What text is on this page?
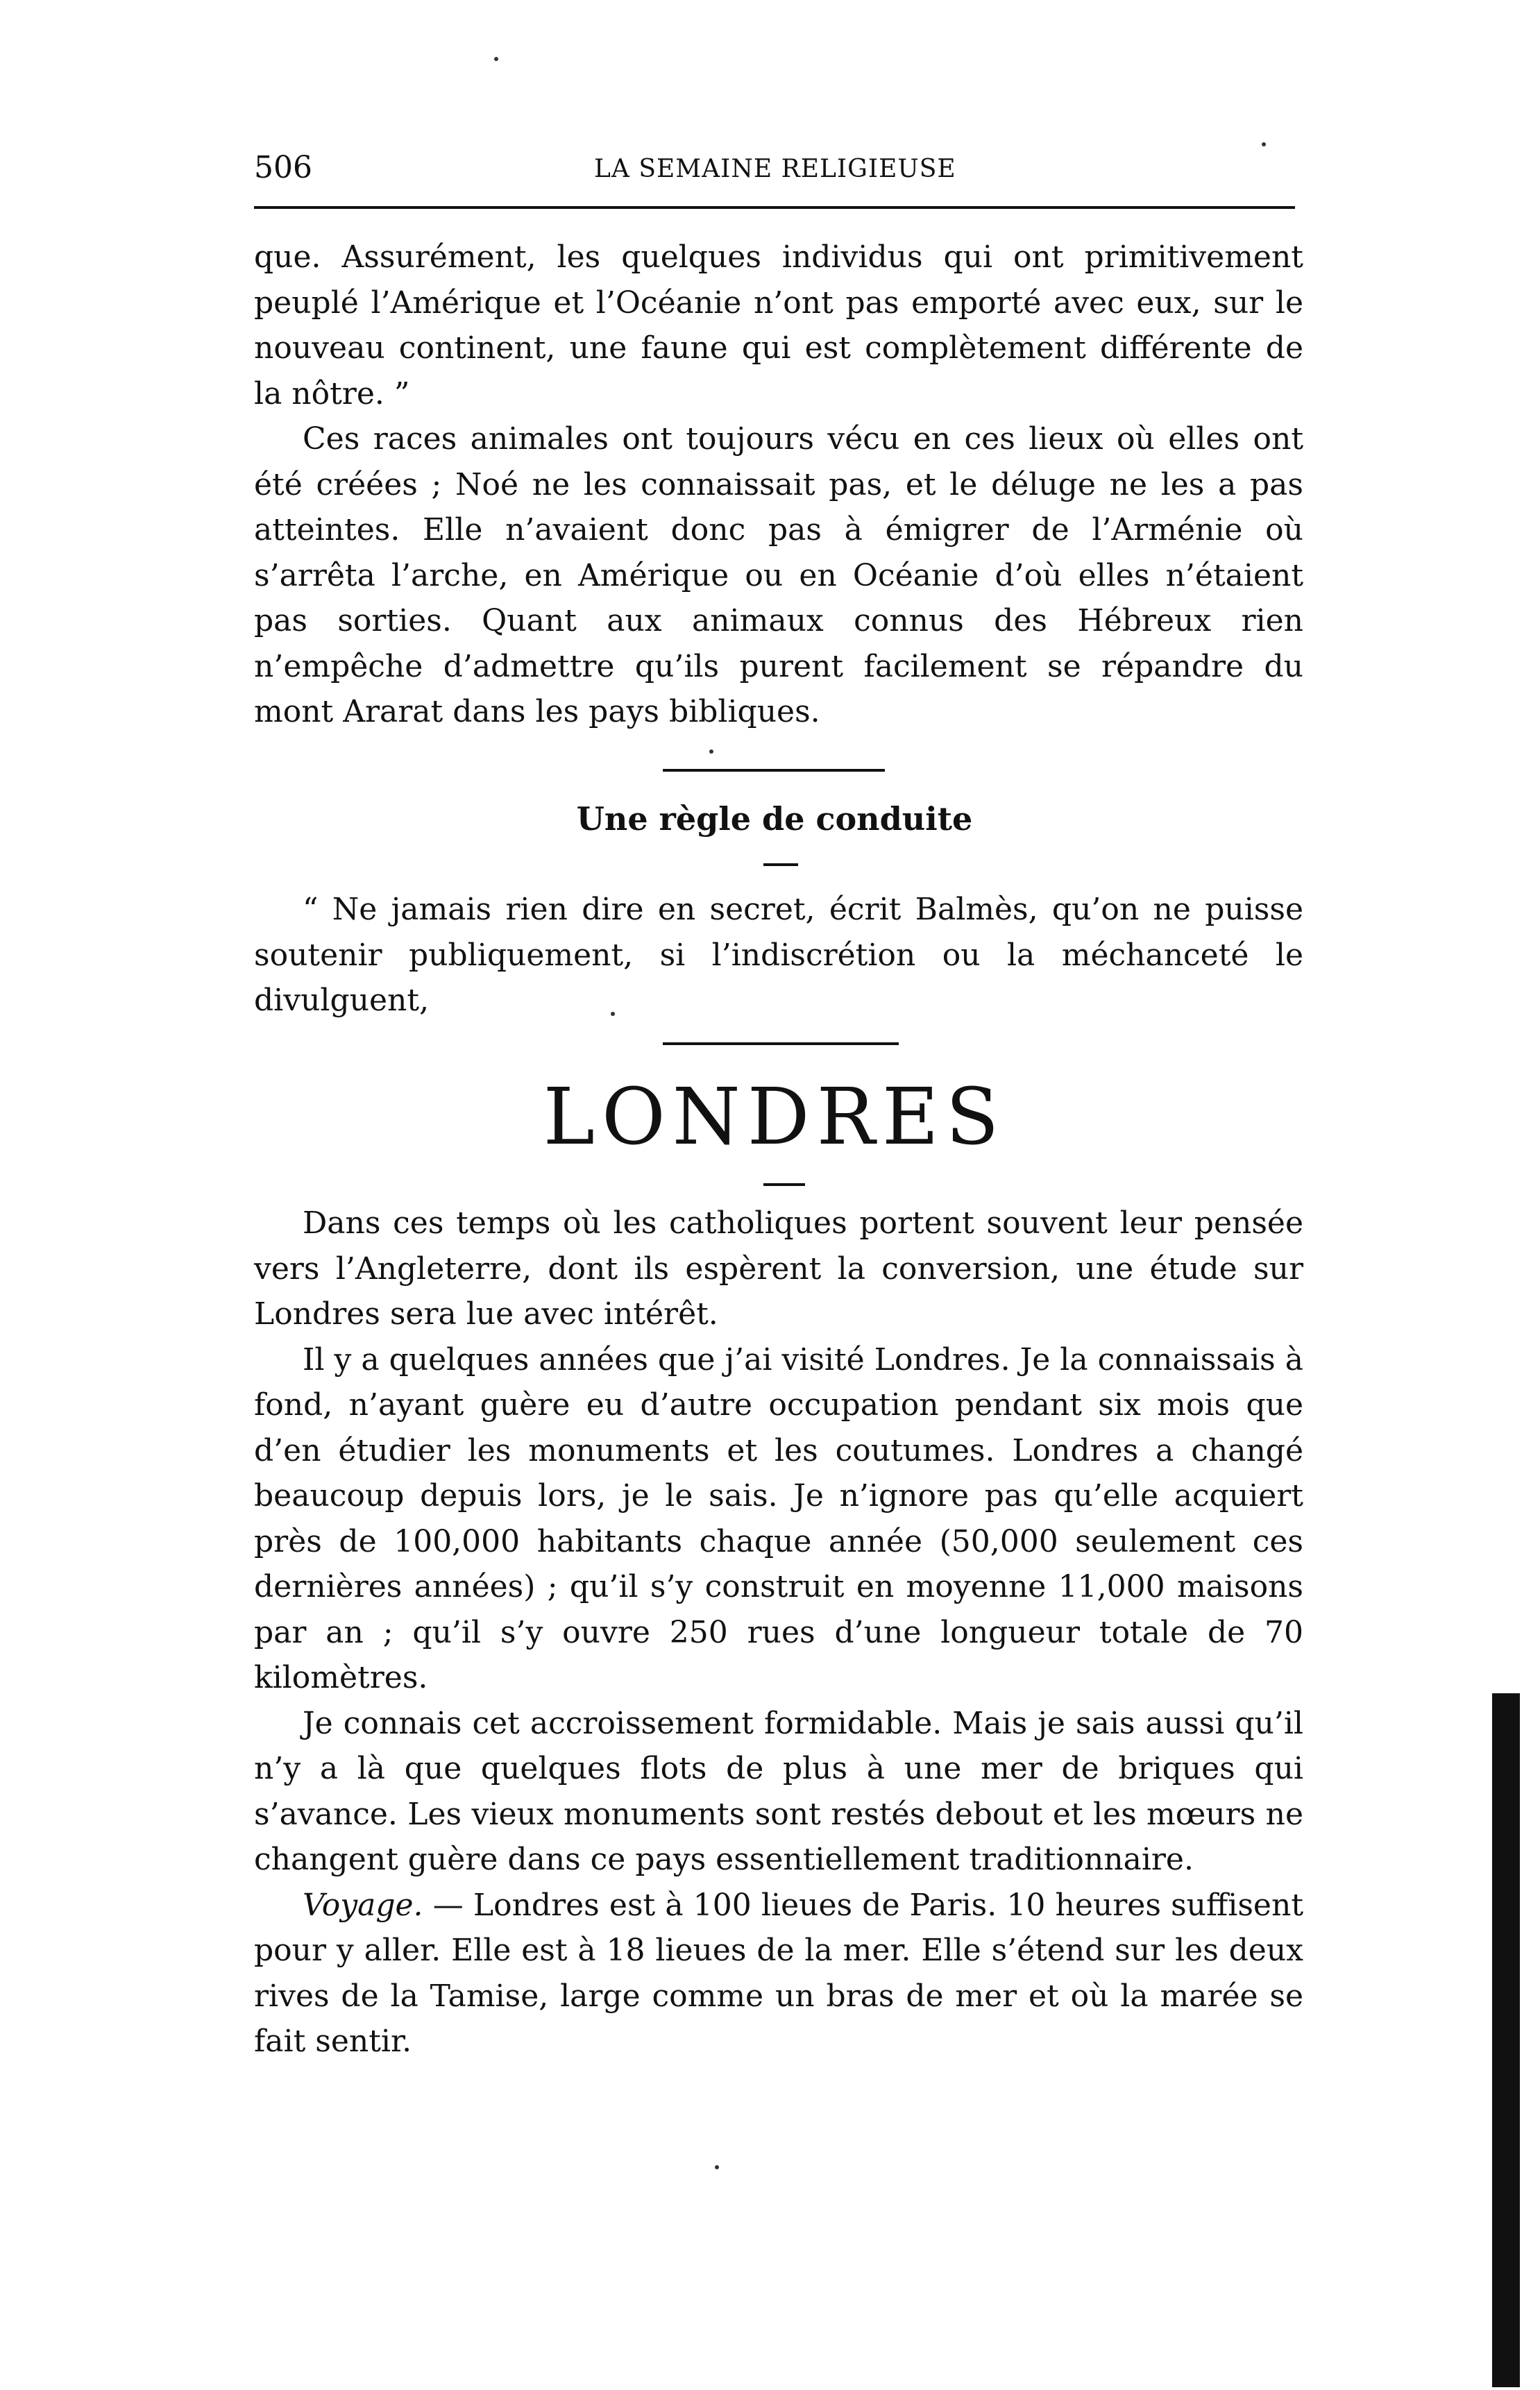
506	LA SEMAINE RELIGIEUSE

que. Assurément, les quelques individus qui ont primitivement peuplé l’Amérique et l’Océanie n’ont pas emporté avec eux, sur le nouveau continent, une faune qui est complètement différente de la nôtre. ”

Ces races animales ont toujours vécu en ces lieux où elles ont été créées ; Noé ne les connaissait pas, et le déluge ne les a pas atteintes. Elle n’avaient donc pas à émigrer de l’Arménie où s’arrêta l’arche, en Amérique ou en Océanie d’où elles n’étaient pas sorties. Quant aux animaux connus des Hébreux rien n’empêche d’admettre qu’ils purent facilement se répandre du mont Ararat dans les pays bibliques.

Une règle de conduite

“ Ne jamais rien dire en secret, écrit Balmès, qu’on ne puisse soutenir publiquement, si l’indiscrétion ou la méchanceté le divulguent,

LONDRES

Dans ces temps où les catholiques portent souvent leur pensée vers l’Angleterre, dont ils espèrent la conversion, une étude sur Londres sera lue avec intérêt.

Il y a quelques années que j’ai visité Londres. Je la connaissais à fond, n’ayant guère eu d’autre occupation pendant six mois que d’en étudier les monuments et les coutumes. Londres a changé beaucoup depuis lors, je le sais. Je n’ignore pas qu’elle acquiert près de 100,000 habitants chaque année (50,000 seulement ces dernières années) ; qu’il s’y construit en moyenne 11,000 maisons par an ; qu’il s’y ouvre 250 rues d’une longueur totale de 70 kilomètres.

Je connais cet accroissement formidable. Mais je sais aussi qu’il n’y a là que quelques flots de plus à une mer de briques qui s’avance. Les vieux monuments sont restés debout et les mœurs ne changent guère dans ce pays essentiellement traditionnaire.

Voyage. — Londres est à 100 lieues de Paris. 10 heures suffisent pour y aller. Elle est à 18 lieues de la mer. Elle s’étend sur les deux rives de la Tamise, large comme un bras de mer et où la marée se fait sentir.
